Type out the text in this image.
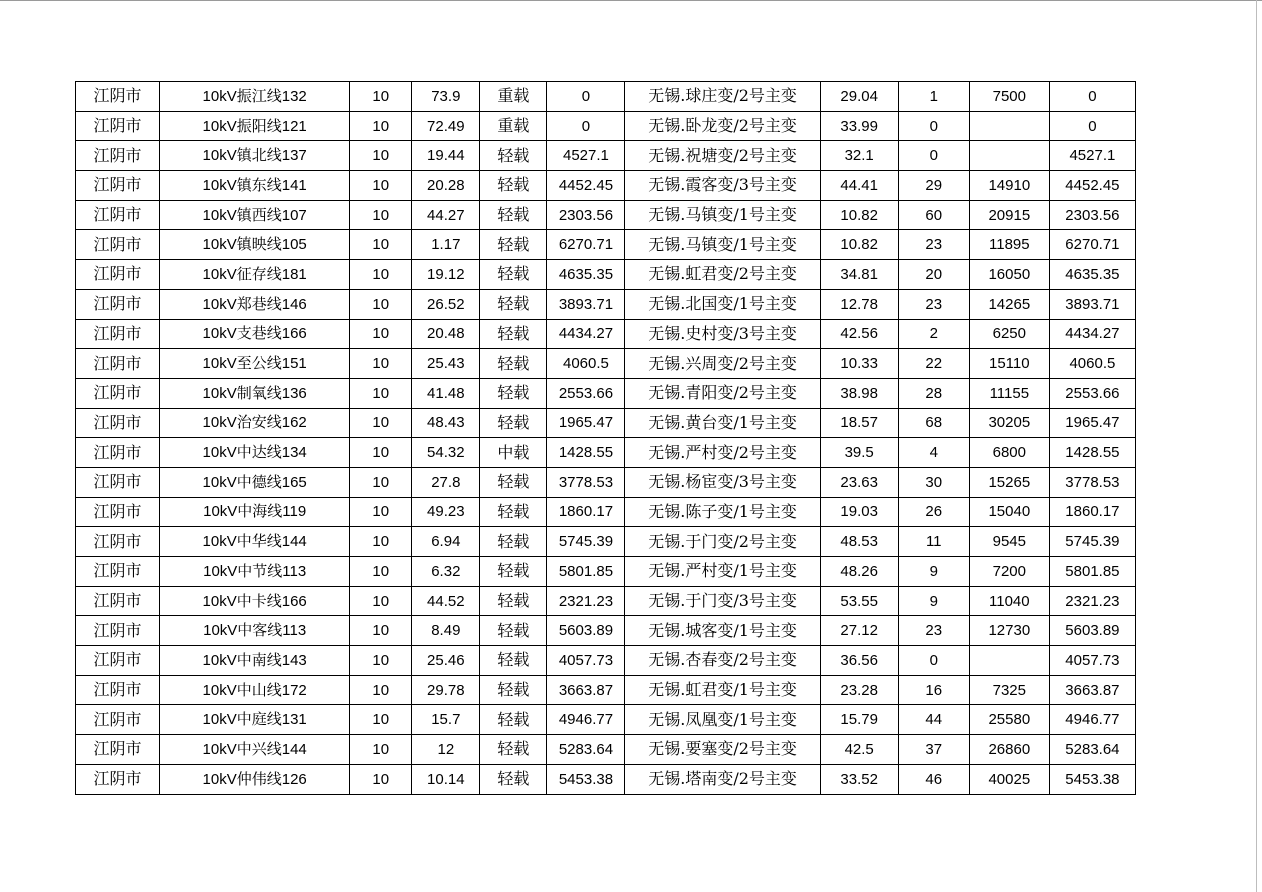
江阴市	10kV振江线132	10	73.9	重载	0	无锡.球庄变/2号主变	29.04	1	7500	0
江阴市	10kV振阳线121	10	72.49	重载	0	无锡.卧龙变/2号主变	33.99	0		0
江阴市	10kV镇北线137	10	19.44	轻载	4527.1	无锡.祝塘变/2号主变	32.1	0		4527.1
江阴市	10kV镇东线141	10	20.28	轻载	4452.45	无锡.霞客变/3号主变	44.41	29	14910	4452.45
江阴市	10kV镇西线107	10	44.27	轻载	2303.56	无锡.马镇变/1号主变	10.82	60	20915	2303.56
江阴市	10kV镇映线105	10	1.17	轻载	6270.71	无锡.马镇变/1号主变	10.82	23	11895	6270.71
江阴市	10kV征存线181	10	19.12	轻载	4635.35	无锡.虹君变/2号主变	34.81	20	16050	4635.35
江阴市	10kV郑巷线146	10	26.52	轻载	3893.71	无锡.北国变/1号主变	12.78	23	14265	3893.71
江阴市	10kV支巷线166	10	20.48	轻载	4434.27	无锡.史村变/3号主变	42.56	2	6250	4434.27
江阴市	10kV至公线151	10	25.43	轻载	4060.5	无锡.兴周变/2号主变	10.33	22	15110	4060.5
江阴市	10kV制氧线136	10	41.48	轻载	2553.66	无锡.青阳变/2号主变	38.98	28	11155	2553.66
江阴市	10kV治安线162	10	48.43	轻载	1965.47	无锡.黄台变/1号主变	18.57	68	30205	1965.47
江阴市	10kV中达线134	10	54.32	中载	1428.55	无锡.严村变/2号主变	39.5	4	6800	1428.55
江阴市	10kV中德线165	10	27.8	轻载	3778.53	无锡.杨宦变/3号主变	23.63	30	15265	3778.53
江阴市	10kV中海线119	10	49.23	轻载	1860.17	无锡.陈子变/1号主变	19.03	26	15040	1860.17
江阴市	10kV中华线144	10	6.94	轻载	5745.39	无锡.于门变/2号主变	48.53	11	9545	5745.39
江阴市	10kV中节线113	10	6.32	轻载	5801.85	无锡.严村变/1号主变	48.26	9	7200	5801.85
江阴市	10kV中卡线166	10	44.52	轻载	2321.23	无锡.于门变/3号主变	53.55	9	11040	2321.23
江阴市	10kV中客线113	10	8.49	轻载	5603.89	无锡.城客变/1号主变	27.12	23	12730	5603.89
江阴市	10kV中南线143	10	25.46	轻载	4057.73	无锡.杏春变/2号主变	36.56	0		4057.73
江阴市	10kV中山线172	10	29.78	轻载	3663.87	无锡.虹君变/1号主变	23.28	16	7325	3663.87
江阴市	10kV中庭线131	10	15.7	轻载	4946.77	无锡.凤凰变/1号主变	15.79	44	25580	4946.77
江阴市	10kV中兴线144	10	12	轻载	5283.64	无锡.要塞变/2号主变	42.5	37	26860	5283.64
江阴市	10kV仲伟线126	10	10.14	轻载	5453.38	无锡.塔南变/2号主变	33.52	46	40025	5453.38
